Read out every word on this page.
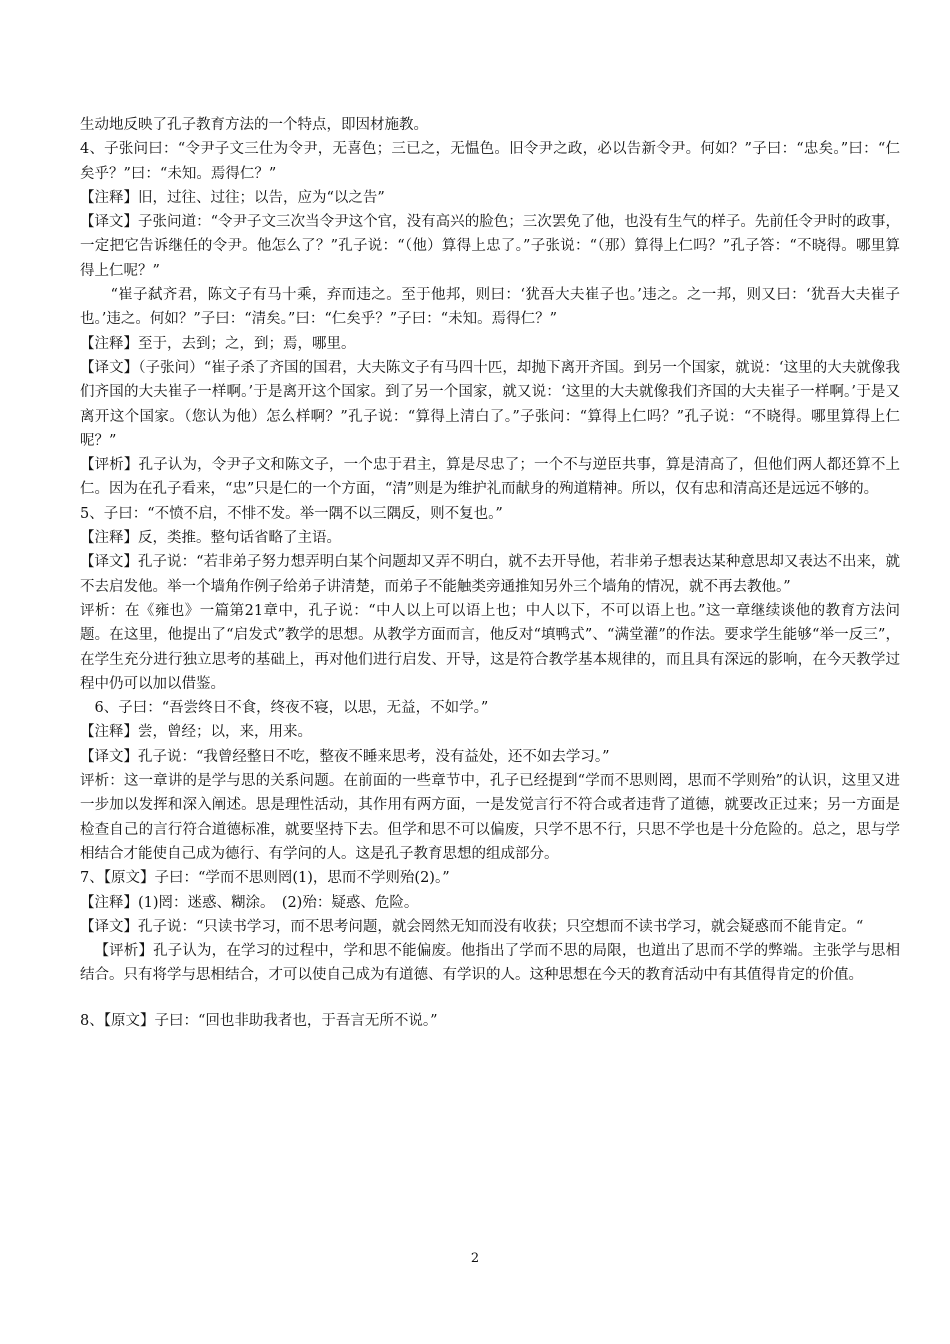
生动地反映了孔子教育方法的一个特点，即因材施教。

4、子张问曰：“令尹子文三仕为令尹，无喜色；三已之，无愠色。旧令尹之政，必以告新令尹。何如？”子曰：“忠矣。”曰：“仁矣乎？”曰：“未知。焉得仁？”

【注释】旧，过往、过往；以告，应为“以之告”

【译文】子张问道：“令尹子文三次当令尹这个官，没有高兴的脸色；三次罢免了他，也没有生气的样子。先前任令尹时的政事，一定把它告诉继任的令尹。他怎么了？”孔子说：“（他）算得上忠了。”子张说：“（那）算得上仁吗？”孔子答：“不晓得。哪里算得上仁呢？”

“崔子弑齐君，陈文子有马十乘，弃而违之。至于他邦，则曰：‘犹吾大夫崔子也。’违之。之一邦，则又曰：‘犹吾大夫崔子也。’违之。何如？”子曰：“清矣。”曰：“仁矣乎？”子曰：“未知。焉得仁？”

【注释】至于，去到；之，到；焉，哪里。

【译文】（子张问）“崔子杀了齐国的国君，大夫陈文子有马四十匹，却抛下离开齐国。到另一个国家，就说：‘这里的大夫就像我们齐国的大夫崔子一样啊。’于是离开这个国家。到了另一个国家，就又说：‘这里的大夫就像我们齐国的大夫崔子一样啊。’于是又离开这个国家。（您认为他）怎么样啊？”孔子说：“算得上清白了。”子张问：“算得上仁吗？”孔子说：“不晓得。哪里算得上仁呢？”

【评析】孔子认为，令尹子文和陈文子，一个忠于君主，算是尽忠了；一个不与逆臣共事，算是清高了，但他们两人都还算不上仁。因为在孔子看来，“忠”只是仁的一个方面，“清”则是为维护礼而献身的殉道精神。所以，仅有忠和清高还是远远不够的。

5、子曰：“不愤不启，不悱不发。举一隅不以三隅反，则不复也。”

【注释】反，类推。整句话省略了主语。

【译文】孔子说：“若非弟子努力想弄明白某个问题却又弄不明白，就不去开导他，若非弟子想表达某种意思却又表达不出来，就不去启发他。举一个墙角作例子给弟子讲清楚，而弟子不能触类旁通推知另外三个墙角的情况，就不再去教他。”

评析：在《雍也》一篇第21章中，孔子说：“中人以上可以语上也；中人以下，不可以语上也。”这一章继续谈他的教育方法问题。在这里，他提出了“启发式”教学的思想。从教学方面而言，他反对“填鸭式”、“满堂灌”的作法。要求学生能够“举一反三”，在学生充分进行独立思考的基础上，再对他们进行启发、开导，这是符合教学基本规律的，而且具有深远的影响，在今天教学过程中仍可以加以借鉴。

6、子曰：“吾尝终日不食，终夜不寝，以思，无益，不如学。”

【注释】尝，曾经；以，来，用来。

【译文】孔子说：“我曾经整日不吃，整夜不睡来思考，没有益处，还不如去学习。”

评析：这一章讲的是学与思的关系问题。在前面的一些章节中，孔子已经提到“学而不思则罔，思而不学则殆”的认识，这里又进一步加以发挥和深入阐述。思是理性活动，其作用有两方面，一是发觉言行不符合或者违背了道德，就要改正过来；另一方面是检查自己的言行符合道德标准，就要坚持下去。但学和思不可以偏废，只学不思不行，只思不学也是十分危险的。总之，思与学相结合才能使自己成为德行、有学问的人。这是孔子教育思想的组成部分。

7、【原文】子曰：“学而不思则罔(1)，思而不学则殆(2)。”

【注释】(1)罔：迷惑、糊涂。　(2)殆：疑惑、危险。

【译文】孔子说：“只读书学习，而不思考问题，就会罔然无知而没有收获；只空想而不读书学习，就会疑惑而不能肯定。“

【评析】孔子认为，在学习的过程中，学和思不能偏废。他指出了学而不思的局限，也道出了思而不学的弊端。主张学与思相结合。只有将学与思相结合，才可以使自己成为有道德、有学识的人。这种思想在今天的教育活动中有其值得肯定的价值。

8、【原文】子曰：“回也非助我者也，于吾言无所不说。”

2
